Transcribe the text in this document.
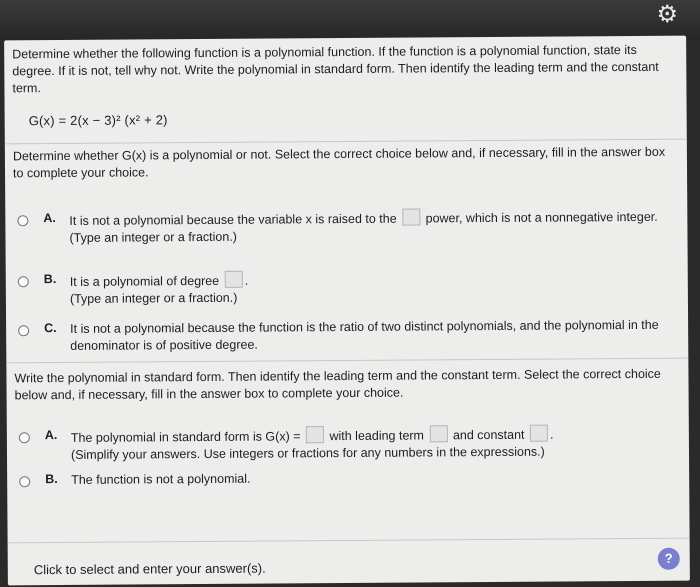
⚙

Determine whether the following function is a polynomial function. If the function is a polynomial function, state its degree. If it is not, tell why not. Write the polynomial in standard form. Then identify the leading term and the constant term.

G(x) = 2(x − 3)² (x² + 2)

Determine whether G(x) is a polynomial or not. Select the correct choice below and, if necessary, fill in the answer box to complete your choice.

A. It is not a polynomial because the variable x is raised to the power, which is not a nonnegative integer.
(Type an integer or a fraction.)
B. It is a polynomial of degree .
(Type an integer or a fraction.)
C. It is not a polynomial because the function is the ratio of two distinct polynomials, and the polynomial in the denominator is of positive degree.

Write the polynomial in standard form. Then identify the leading term and the constant term. Select the correct choice below and, if necessary, fill in the answer box to complete your choice.

A. The polynomial in standard form is G(x) = with leading term and constant .
(Simplify your answers. Use integers or fractions for any numbers in the expressions.)
B. The function is not a polynomial.
Click to select and enter your answer(s).
?
